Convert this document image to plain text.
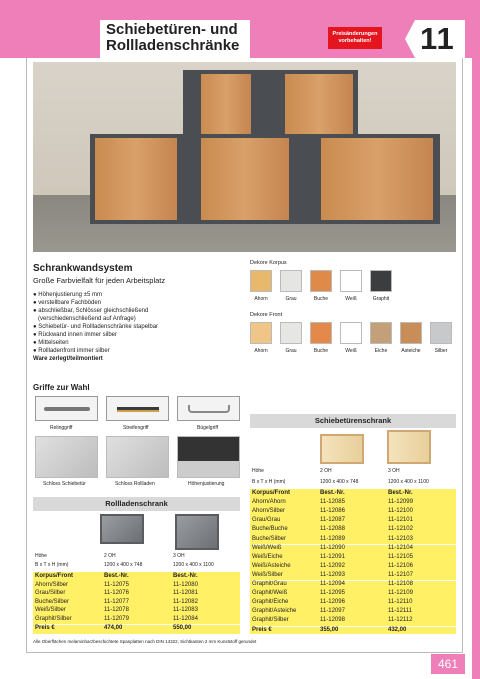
Schiebetüren- und
Rollladenschränke
Preisänderungen vorbehalten!	11
Schrankwandsystem
Große Farbvielfalt für jeden Arbeitsplatz
● Höhenjustierung ±5 mm
● verstellbare Fachböden
● abschließbar, Schlösser gleichschließend
(verschiedenschließend auf Anfrage)
● Schiebetür- und Rollladenschränke stapelbar
● Rückwand innen immer silber
● Mittelseiten
● Rollladenfront immer silber
Ware zerlegt/teilmontiert
Dekore Korpus
Ahorn	Grau	Buche	Weiß	Graphit
Dekore Front
Ahorn	Grau	Buche	Weiß	Eiche	Asteiche	Silber
Griffe zur Wahl
Relinggriff	Streifengriff	Bügelgriff
Schloss Schiebetür	Schloss Rollladen	Höhenjustierung
Rollladenschrank
Höhe	2 OH	3 OH
B x T x H (mm)	1200 x 400 x 748	1200 x 400 x 1100
Korpus/Front	Best.-Nr.	Best.-Nr.
Ahorn/Silber	11-12075	11-12080
Grau/Silber	11-12076	11-12081
Buche/Silber	11-12077	11-12082
Weiß/Silber	11-12078	11-12083
Graphit/Silber	11-12079	11-12084
Preis €	474,00	550,00
Schiebetürenschrank
Höhe	2 OH	3 OH
B x T x H (mm)	1200 x 400 x 748	1200 x 400 x 1100
Korpus/Front	Best.-Nr.	Best.-Nr.
Ahorn/Ahorn	11-12085	11-12099
Ahorn/Silber	11-12086	11-12100
Grau/Grau	11-12087	11-12101
Buche/Buche	11-12088	11-12102
Buche/Silber	11-12089	11-12103
Weiß/Weiß	11-12090	11-12104
Weiß/Eiche	11-12091	11-12105
Weiß/Asteiche	11-12092	11-12106
Weiß/Silber	11-12093	11-12107
Graphit/Grau	11-12094	11-12108
Graphit/Weiß	11-12095	11-12109
Graphit/Eiche	11-12096	11-12110
Graphit/Asteiche	11-12097	11-12111
Graphit/Silber	11-12098	11-12112
Preis €	355,00	432,00
Alle Oberflächen melaminharzbeschichtete Spanplatten nach DIN 14322, Sichtkanten 2 mm Kunststoff gerundet
461
